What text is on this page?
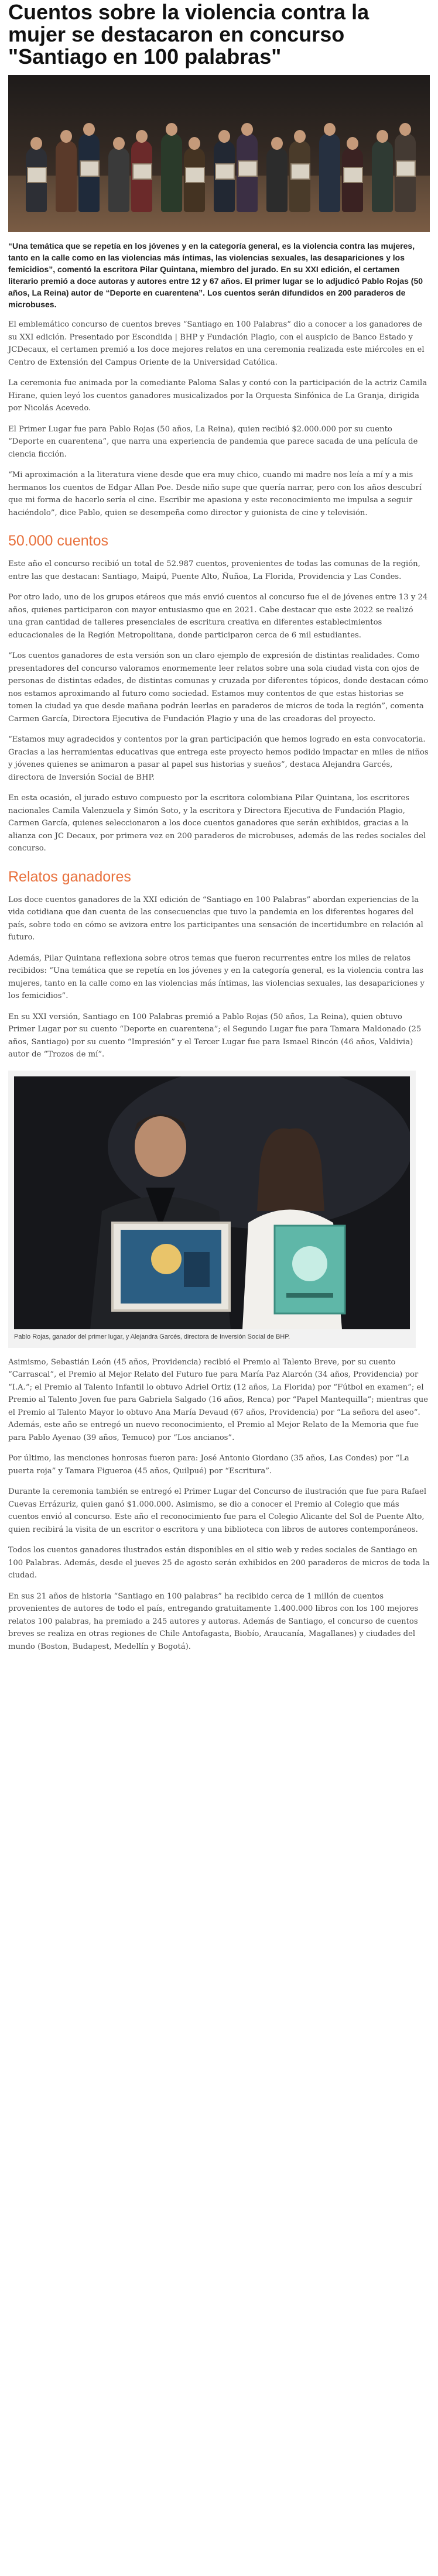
Cuentos sobre la violencia contra la mujer se destacaron en concurso "Santiago en 100 palabras"

“Una temática que se repetía en los jóvenes y en la categoría general, es la violencia contra las mujeres, tanto en la calle como en las violencias más íntimas, las violencias sexuales, las desapariciones y los femicidios”, comentó la escritora Pilar Quintana, miembro del jurado. En su XXI edición, el certamen literario premió a doce autoras y autores entre 12 y 67 años. El primer lugar se lo adjudicó Pablo Rojas (50 años, La Reina) autor de “Deporte en cuarentena”. Los cuentos serán difundidos en 200 paraderos de microbuses.

El emblemático concurso de cuentos breves “Santiago en 100 Palabras” dio a conocer a los ganadores de su XXI edición. Presentado por Escondida | BHP y Fundación Plagio, con el auspicio de Banco Estado y JCDecaux, el certamen premió a los doce mejores relatos en una ceremonia realizada este miércoles en el Centro de Extensión del Campus Oriente de la Universidad Católica.

La ceremonia fue animada por la comediante Paloma Salas y contó con la participación de la actriz Camila Hirane, quien leyó los cuentos ganadores musicalizados por la Orquesta Sinfónica de La Granja, dirigida por Nicolás Acevedo.

El Primer Lugar fue para Pablo Rojas (50 años, La Reina), quien recibió $2.000.000 por su cuento “Deporte en cuarentena”, que narra una experiencia de pandemia que parece sacada de una película de ciencia ficción.

“Mi aproximación a la literatura viene desde que era muy chico, cuando mi madre nos leía a mí y a mis hermanos los cuentos de Edgar Allan Poe. Desde niño supe que quería narrar, pero con los años descubrí que mi forma de hacerlo sería el cine. Escribir me apasiona y este reconocimiento me impulsa a seguir haciéndolo”, dice Pablo, quien se desempeña como director y guionista de cine y televisión.

50.000 cuentos

Este año el concurso recibió un total de 52.987 cuentos, provenientes de todas las comunas de la región, entre las que destacan: Santiago, Maipú, Puente Alto, Ñuñoa, La Florida, Providencia y Las Condes.

Por otro lado, uno de los grupos etáreos que más envió cuentos al concurso fue el de jóvenes entre 13 y 24 años, quienes participaron con mayor entusiasmo que en 2021. Cabe destacar que este 2022 se realizó una gran cantidad de talleres presenciales de escritura creativa en diferentes establecimientos educacionales de la Región Metropolitana, donde participaron cerca de 6 mil estudiantes.

“Los cuentos ganadores de esta versión son un claro ejemplo de expresión de distintas realidades. Como presentadores del concurso valoramos enormemente leer relatos sobre una sola ciudad vista con ojos de personas de distintas edades, de distintas comunas y cruzada por diferentes tópicos, donde destacan cómo nos estamos aproximando al futuro como sociedad. Estamos muy contentos de que estas historias se tomen la ciudad ya que desde mañana podrán leerlas en paraderos de micros de toda la región”, comenta Carmen García, Directora Ejecutiva de Fundación Plagio y una de las creadoras del proyecto.

“Estamos muy agradecidos y contentos por la gran participación que hemos logrado en esta convocatoria. Gracias a las herramientas educativas que entrega este proyecto hemos podido impactar en miles de niños y jóvenes quienes se animaron a pasar al papel sus historias y sueños”, destaca Alejandra Garcés, directora de Inversión Social de BHP.

En esta ocasión, el jurado estuvo compuesto por la escritora colombiana Pilar Quintana, los escritores nacionales Camila Valenzuela y Simón Soto, y la escritora y Directora Ejecutiva de Fundación Plagio, Carmen García, quienes seleccionaron a los doce cuentos ganadores que serán exhibidos, gracias a la alianza con JC Decaux, por primera vez en 200 paraderos de microbuses, además de las redes sociales del concurso.

Relatos ganadores

Los doce cuentos ganadores de la XXI edición de “Santiago en 100 Palabras” abordan experiencias de la vida cotidiana que dan cuenta de las consecuencias que tuvo la pandemia en los diferentes hogares del país, sobre todo en cómo se avizora entre los participantes una sensación de incertidumbre en relación al futuro.

Además, Pilar Quintana reflexiona sobre otros temas que fueron recurrentes entre los miles de relatos recibidos: “Una temática que se repetía en los jóvenes y en la categoría general, es la violencia contra las mujeres, tanto en la calle como en las violencias más íntimas, las violencias sexuales, las desapariciones y los femicidios”.

En su XXI versión, Santiago en 100 Palabras premió a Pablo Rojas (50 años, La Reina), quien obtuvo Primer Lugar por su cuento “Deporte en cuarentena”; el Segundo Lugar fue para Tamara Maldonado (25 años, Santiago) por su cuento “Impresión” y el Tercer Lugar fue para Ismael Rincón (46 años, Valdivia) autor de “Trozos de mí”.

Pablo Rojas, ganador del primer lugar, y Alejandra Garcés, directora de Inversión Social de BHP.

Asimismo, Sebastián León (45 años, Providencia) recibió el Premio al Talento Breve, por su cuento “Carrascal”, el Premio al Mejor Relato del Futuro fue para María Paz Alarcón (34 años, Providencia) por “I.A.”; el Premio al Talento Infantil lo obtuvo Adriel Ortiz (12 años, La Florida) por “Fútbol en examen”; el Premio al Talento Joven fue para Gabriela Salgado (16 años, Renca) por “Papel Mantequilla”; mientras que el Premio al Talento Mayor lo obtuvo Ana María Devaud (67 años, Providencia) por “La señora del aseo”. Además, este año se entregó un nuevo reconocimiento, el Premio al Mejor Relato de la Memoria que fue para Pablo Ayenao (39 años, Temuco) por “Los ancianos”.

Por último, las menciones honrosas fueron para: José Antonio Giordano (35 años, Las Condes) por “La puerta roja” y Tamara Figueroa (45 años, Quilpué) por “Escritura”.

Durante la ceremonia también se entregó el Primer Lugar del Concurso de ilustración que fue para Rafael Cuevas Errázuriz, quien ganó $1.000.000. Asimismo, se dio a conocer el Premio al Colegio que más cuentos envió al concurso. Este año el reconocimiento fue para el Colegio Alicante del Sol de Puente Alto, quien recibirá la visita de un escritor o escritora y una biblioteca con libros de autores contemporáneos.

Todos los cuentos ganadores ilustrados están disponibles en el sitio web y redes sociales de Santiago en 100 Palabras. Además, desde el jueves 25 de agosto serán exhibidos en 200 paraderos de micros de toda la ciudad.

En sus 21 años de historia “Santiago en 100 palabras” ha recibido cerca de 1 millón de cuentos provenientes de autores de todo el país, entregando gratuitamente 1.400.000 libros con los 100 mejores relatos 100 palabras, ha premiado a 245 autores y autoras. Además de Santiago, el concurso de cuentos breves se realiza en otras regiones de Chile Antofagasta, Biobío, Araucanía, Magallanes) y ciudades del mundo (Boston, Budapest, Medellín y Bogotá).
